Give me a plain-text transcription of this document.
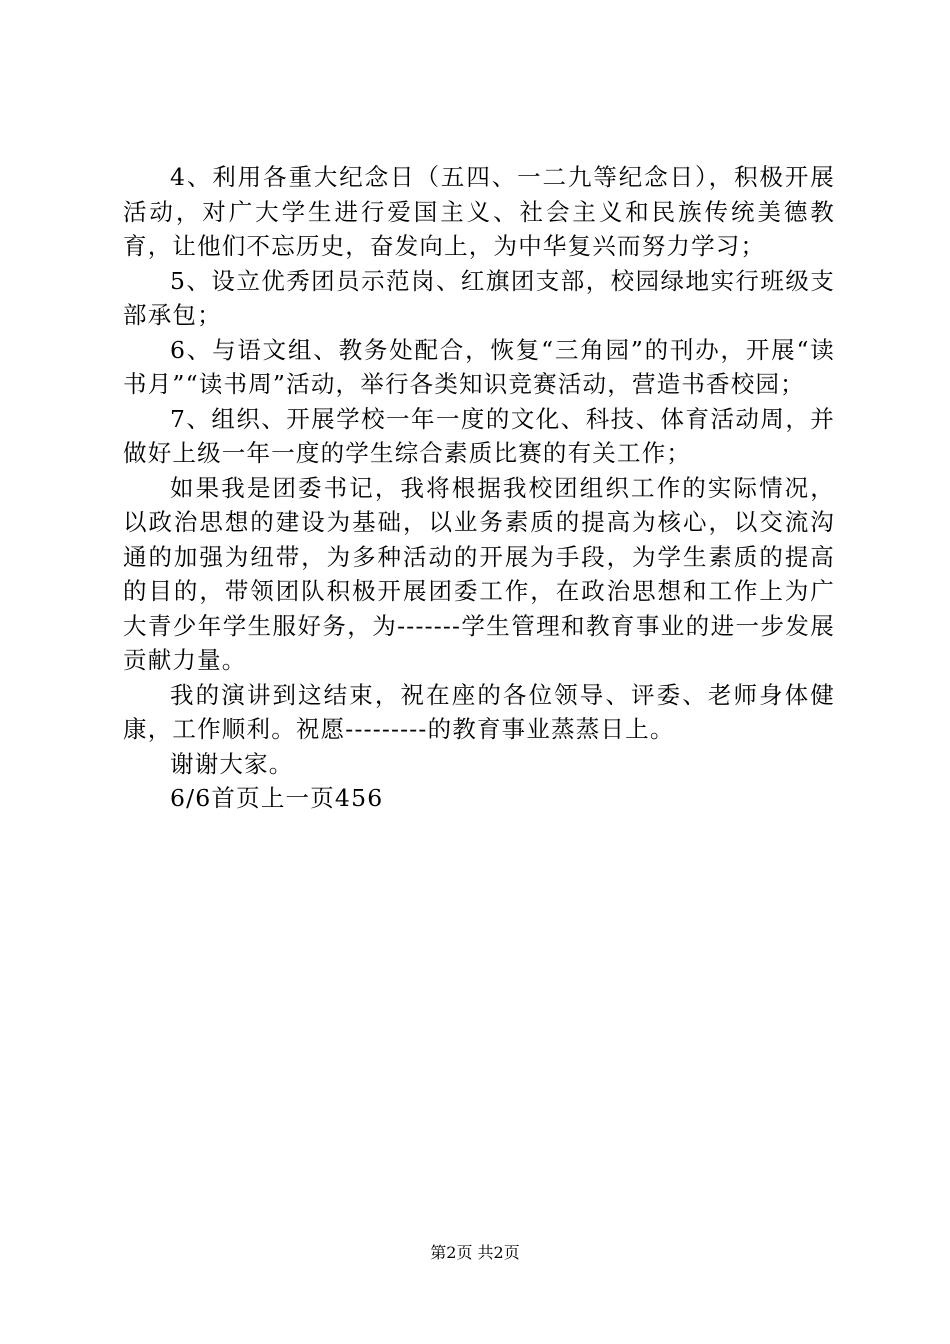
4、利用各重大纪念日（五四、一二九等纪念日），积极开展活动，对广大学生进行爱国主义、社会主义和民族传统美德教育，让他们不忘历史，奋发向上，为中华复兴而努力学习；

5、设立优秀团员示范岗、红旗团支部，校园绿地实行班级支部承包；

6、与语文组、教务处配合，恢复“三角园”的刊办，开展“读书月”“读书周”活动，举行各类知识竞赛活动，营造书香校园；

7、组织、开展学校一年一度的文化、科技、体育活动周，并做好上级一年一度的学生综合素质比赛的有关工作；

如果我是团委书记，我将根据我校团组织工作的实际情况，以政治思想的建设为基础，以业务素质的提高为核心，以交流沟通的加强为纽带，为多种活动的开展为手段，为学生素质的提高的目的，带领团队积极开展团委工作，在政治思想和工作上为广大青少年学生服好务，为-------学生管理和教育事业的进一步发展贡献力量。

我的演讲到这结束，祝在座的各位领导、评委、老师身体健康，工作顺利。祝愿---------的教育事业蒸蒸日上。

谢谢大家。

6/6首页上一页456

第2页 共2页
